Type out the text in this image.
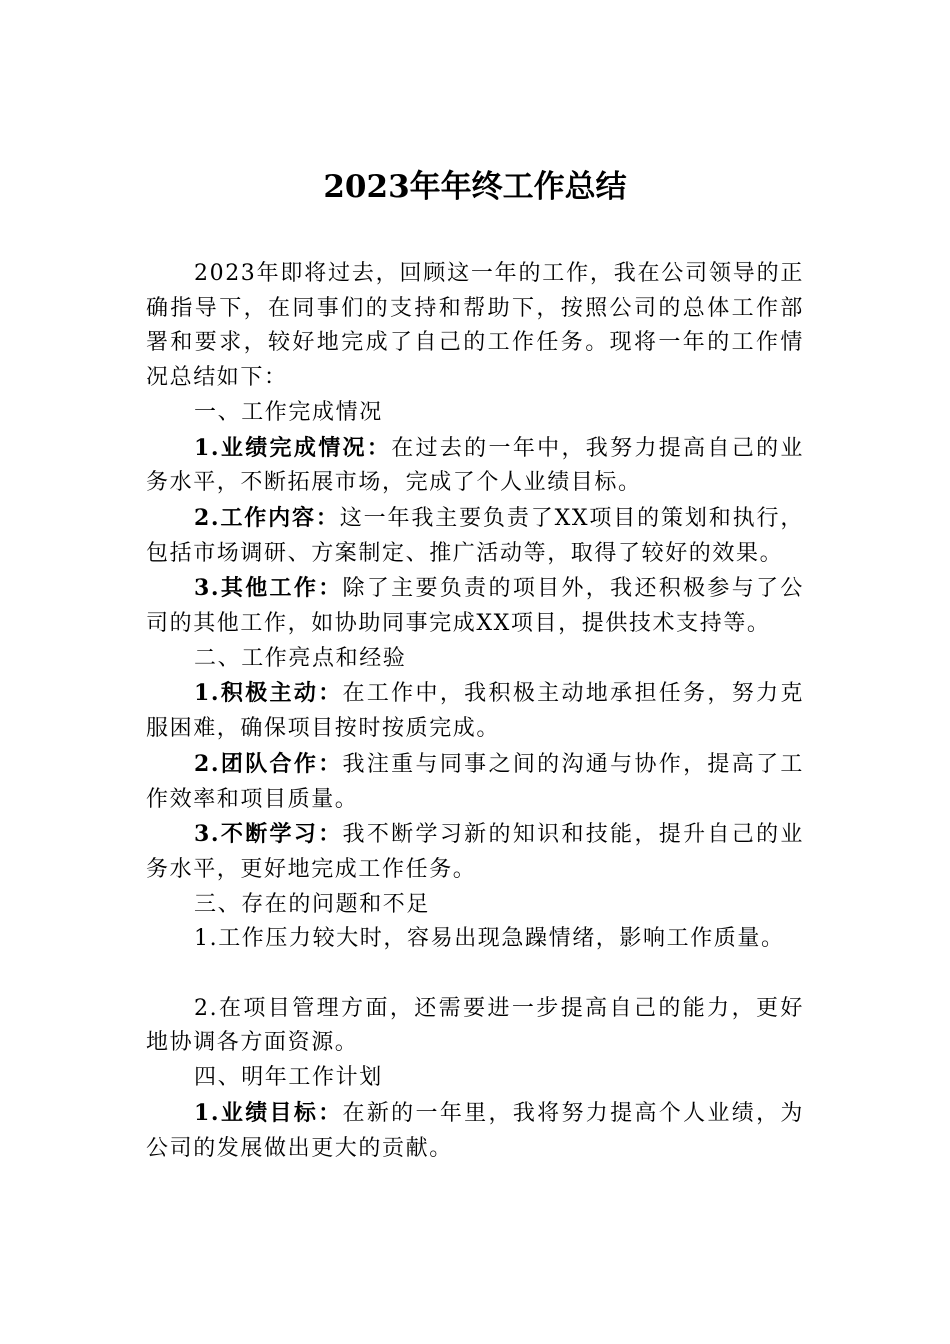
2023年年终工作总结

2023年即将过去，回顾这一年的工作，我在公司领导的正确指导下，在同事们的支持和帮助下，按照公司的总体工作部署和要求，较好地完成了自己的工作任务。现将一年的工作情况总结如下：

一、工作完成情况

1.业绩完成情况：在过去的一年中，我努力提高自己的业务水平，不断拓展市场，完成了个人业绩目标。

2.工作内容：这一年我主要负责了XX项目的策划和执行，包括市场调研、方案制定、推广活动等，取得了较好的效果。

3.其他工作：除了主要负责的项目外，我还积极参与了公司的其他工作，如协助同事完成XX项目，提供技术支持等。

二、工作亮点和经验

1.积极主动：在工作中，我积极主动地承担任务，努力克服困难，确保项目按时按质完成。

2.团队合作：我注重与同事之间的沟通与协作，提高了工作效率和项目质量。

3.不断学习：我不断学习新的知识和技能，提升自己的业务水平，更好地完成工作任务。

三、存在的问题和不足

1.工作压力较大时，容易出现急躁情绪，影响工作质量。

2.在项目管理方面，还需要进一步提高自己的能力，更好地协调各方面资源。

四、明年工作计划

1.业绩目标：在新的一年里，我将努力提高个人业绩，为公司的发展做出更大的贡献。
